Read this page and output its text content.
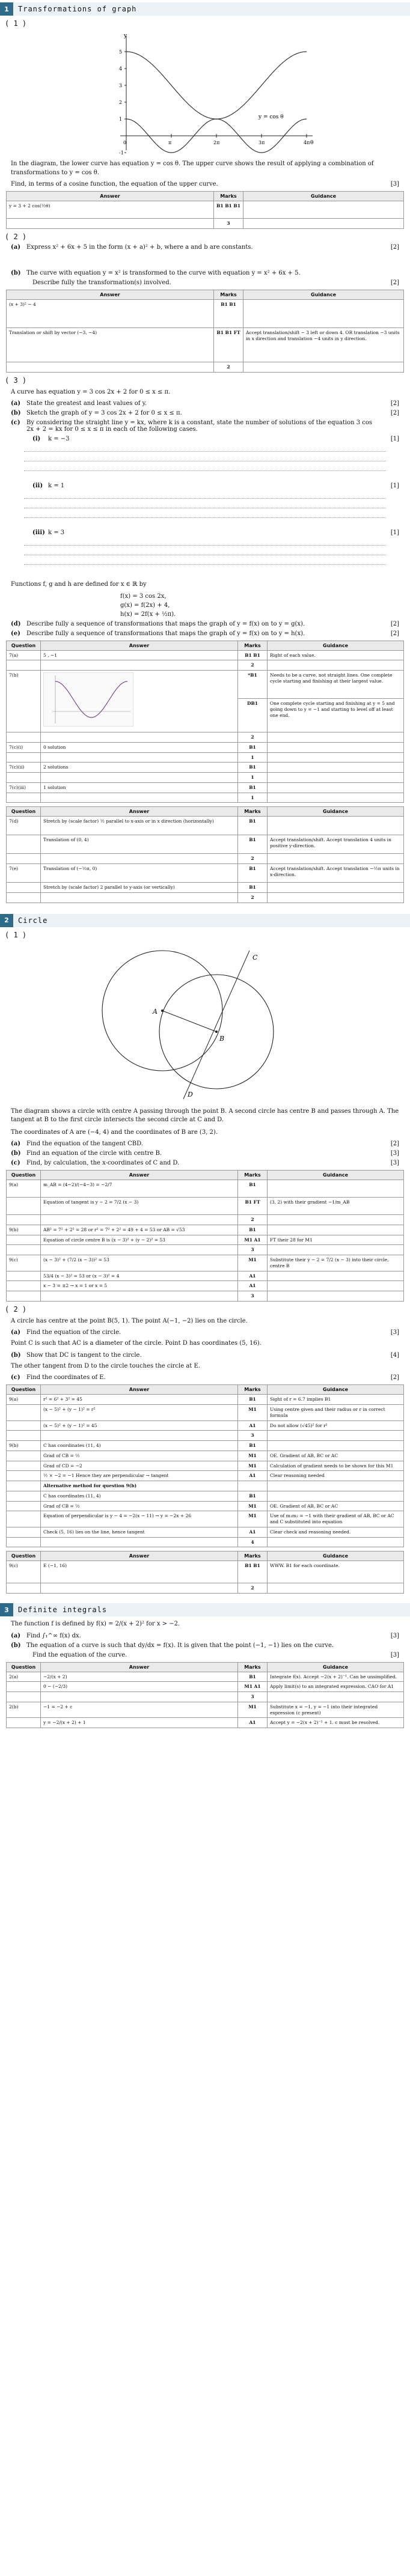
1	Transformations of graph
( 1 )
y
θ
5
4
3
2
1
-1
0	π	2π	3π	4π
y = cos θ
In the diagram, the lower curve has equation y = cos θ. The upper curve shows the result of applying a combination of transformations to y = cos θ.
Find, in terms of a cosine function, the equation of the upper curve.	[3]
Answer	Marks	Guidance
y = 3 + 2 cos(½θ)	B1 B1 B1	
	3	
( 2 )
(a) Express x² + 6x + 5 in the form (x + a)² + b, where a and b are constants.	[2]
(b) The curve with equation y = x² is transformed to the curve with equation y = x² + 6x + 5.
Describe fully the transformation(s) involved.	[2]
Answer	Marks	Guidance
(x + 3)² − 4	B1 B1	
Translation or shift by vector (−3, −4)	B1 B1 FT	Accept translation/shift − 3 left or down 4. OR translation −3 units in x direction and translation −4 units in y direction.
	2	
( 3 )
A curve has equation y = 3 cos 2x + 2 for 0 ≤ x ≤ π.
(a) State the greatest and least values of y.	[2]
(b) Sketch the graph of y = 3 cos 2x + 2 for 0 ≤ x ≤ π.	[2]
(c)	By considering the straight line y = kx, where k is a constant, state the number of solutions of the equation 3 cos 2x + 2 = kx for 0 ≤ x ≤ π in each of the following cases.
(i) k = −3	[1]
(ii) k = 1	[1]
(iii) k = 3	[1]
Functions f, g and h are defined for x ∈ ℝ by
f(x) = 3 cos 2x,
g(x) = f(2x) + 4,
h(x) = 2f(x + ½π).
(d) Describe fully a sequence of transformations that maps the graph of y = f(x) on to y = g(x).	[2]
(e) Describe fully a sequence of transformations that maps the graph of y = f(x) on to y = h(x).	[2]
Question	Answer	Marks	Guidance
7(a)	5 , −1	B1 B1	Right of each value.
		2	
7(b)		*B1	Needs to be a curve, not straight lines. One complete cycle starting and finishing at their largest value.
		DB1	One complete cycle starting and finishing at y = 5 and going down to y = −1 and starting to level off at least one end.
		2	
7(c)(i)	0 solution	B1	
		1	
7(c)(ii)	2 solutions	B1	
		1	
7(c)(iii)	1 solution	B1	
		1	
Question	Answer	Marks	Guidance
7(d)	Stretch by (scale factor) ½ parallel to x-axis or in x direction (horizontally)	B1	
	Translation of (0, 4)	B1	Accept translation/shift. Accept translation 4 units in positive y-direction.
		2	
7(e)	Translation of (−½π, 0)	B1	Accept translation/shift. Accept translation −½π units in x-direction.
	Stretch by (scale factor) 2 parallel to y-axis (or vertically)	B1	
		2	
2	Circle
( 1 )
A
B
C
D
The diagram shows a circle with centre A passing through the point B. A second circle has centre B and passes through A. The tangent at B to the first circle intersects the second circle at C and D.
The coordinates of A are (−4, 4) and the coordinates of B are (3, 2).
(a) Find the equation of the tangent CBD.	[2]
(b) Find an equation of the circle with centre B.	[3]
(c) Find, by calculation, the x-coordinates of C and D.	[3]
Question	Answer	Marks	Guidance
9(a)	m_AB = (4−2)/(−4−3) = −2/7	B1	
	Equation of tangent is y − 2 = 7/2 (x − 3)	B1 FT	(3, 2) with their gradient −1/m_AB
		2	
9(b)	AB² = 7² + 2² = 28 or r² = 7² + 2² = 49 + 4 = 53 or AB = √53	B1	
	Equation of circle centre B is (x − 3)² + (y − 2)² = 53	M1 A1	FT their 28 for M1
		3	
9(c)	(x − 3)² + (7/2 (x − 3))² = 53	M1	Substitute their y − 2 = 7/2 (x − 3) into their circle, centre B
	53/4 (x − 3)² = 53 or (x − 3)² = 4	A1	
	x − 3 = ±2 → x = 1 or x = 5	A1	
		3	
( 2 )
A circle has centre at the point B(5, 1). The point A(−1, −2) lies on the circle.
(a) Find the equation of the circle.	[3]
Point C is such that AC is a diameter of the circle. Point D has coordinates (5, 16).
(b) Show that DC is tangent to the circle.	[4]
The other tangent from D to the circle touches the circle at E.
(c) Find the coordinates of E.	[2]
Question	Answer	Marks	Guidance
9(a)	r² = 6² + 3² = 45	B1	Sight of r = 6.7 implies B1
	(x − 5)² + (y − 1)² = r²	M1	Using centre given and their radius or r in correct formula
	(x − 5)² + (y − 1)² = 45	A1	Do not allow (√45)² for r²
		3	
9(b)	C has coordinates (11, 4)	B1	
	Grad of CB = ½	M1	OE. Gradient of AB, BC or AC
	Grad of CD = −2	M1	Calculation of gradient needs to be shown for this M1
	½ × −2 = −1 Hence they are perpendicular → tangent	A1	Clear reasoning needed
	Alternative method for question 9(b)		
	C has coordinates (11, 4)	B1	
	Grad of CB = ½	M1	OE. Gradient of AB, BC or AC
	Equation of perpendicular is y − 4 = −2(x − 11) → y = −2x + 26	M1	Use of m₁m₂ = −1 with their gradient of AB, BC or AC and C substituted into equation
	Check (5, 16) lies on the line, hence tangent	A1	Clear check and reasoning needed.
		4	
Question	Answer	Marks	Guidance
9(c)	E (−1, 16)	B1 B1	WWW. B1 for each coordinate.
		2	
3	Definite integrals
The function f is defined by f(x) = 2/(x + 2)² for x > −2.
(a) Find ∫₁^∞ f(x) dx.	[3]
(b) The equation of a curve is such that dy/dx = f(x). It is given that the point (−1, −1) lies on the curve.
Find the equation of the curve.	[3]
Question	Answer	Marks	Guidance
2(a)	−2/(x + 2)	B1	Integrate f(x). Accept −2(x + 2)⁻¹. Can be unsimplified.
	0 − (−2/3)	M1 A1	Apply limit(s) to an integrated expression. CAO for A1
		3	
2(b)	−1 = −2 + c	M1	Substitute x = −1, y = −1 into their integrated expression (c present)
	y = −2/(x + 2) + 1	A1	Accept y = −2(x + 2)⁻¹ + 1. c must be resolved.
